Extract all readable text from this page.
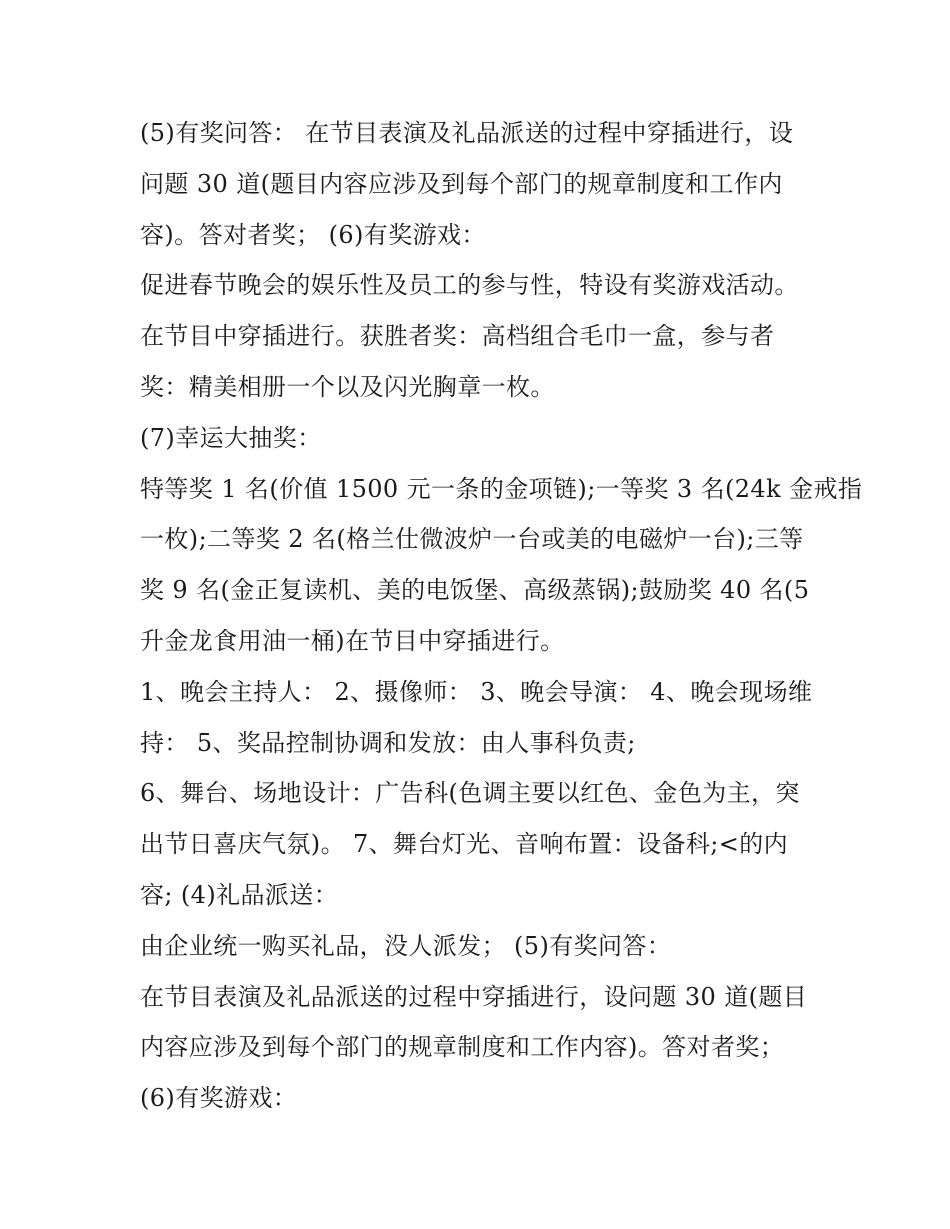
(5)有奖问答： 在节目表演及礼品派送的过程中穿插进行，设
问题 30 道(题目内容应涉及到每个部门的规章制度和工作内
容)。答对者奖； (6)有奖游戏：
促进春节晚会的娱乐性及员工的参与性，特设有奖游戏活动。
在节目中穿插进行。获胜者奖：高档组合毛巾一盒，参与者
奖：精美相册一个以及闪光胸章一枚。
(7)幸运大抽奖：
特等奖 1 名(价值 1500 元一条的金项链);一等奖 3 名(24k 金戒指
一枚);二等奖 2 名(格兰仕微波炉一台或美的电磁炉一台);三等
奖 9 名(金正复读机、美的电饭堡、高级蒸锅);鼓励奖 40 名(5
升金龙食用油一桶)在节目中穿插进行。
1、晚会主持人： 2、摄像师： 3、晚会导演： 4、晚会现场维
持： 5、奖品控制协调和发放：由人事科负责;
6、舞台、场地设计：广告科(色调主要以红色、金色为主，突
出节日喜庆气氛)。 7、舞台灯光、音响布置：设备科;<的内
容; (4)礼品派送：
由企业统一购买礼品，没人派发； (5)有奖问答：
在节目表演及礼品派送的过程中穿插进行，设问题 30 道(题目
内容应涉及到每个部门的规章制度和工作内容)。答对者奖；
(6)有奖游戏：
